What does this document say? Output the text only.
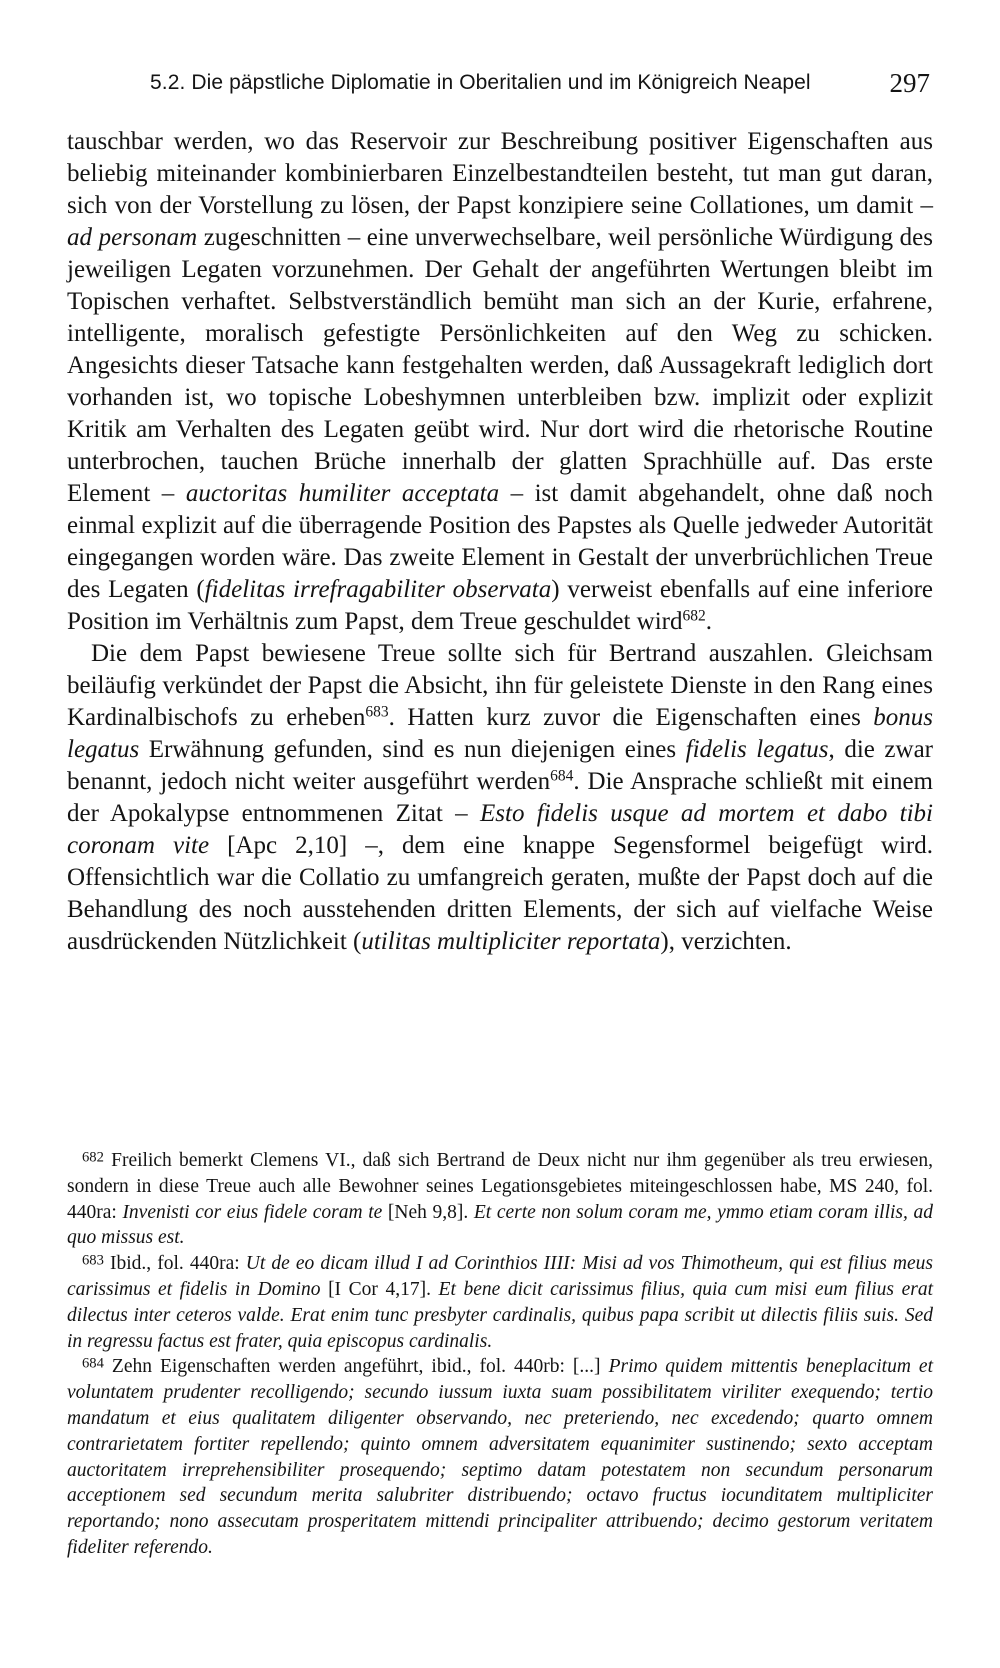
5.2. Die päpstliche Diplomatie in Oberitalien und im Königreich Neapel	297

tauschbar werden, wo das Reservoir zur Beschreibung positiver Eigenschaften aus beliebig miteinander kombinierbaren Einzelbestandteilen besteht, tut man gut daran, sich von der Vorstellung zu lösen, der Papst konzipiere seine Collationes, um damit – ad personam zugeschnitten – eine unverwechselbare, weil persönliche Würdigung des jeweiligen Legaten vorzunehmen. Der Gehalt der angeführten Wertungen bleibt im Topischen verhaftet. Selbstverständlich bemüht man sich an der Kurie, erfahrene, intelligente, moralisch gefestigte Persönlichkeiten auf den Weg zu schicken. Angesichts dieser Tatsache kann festgehalten werden, daß Aussagekraft lediglich dort vorhanden ist, wo topische Lobeshymnen unterbleiben bzw. implizit oder explizit Kritik am Verhalten des Legaten geübt wird. Nur dort wird die rhetorische Routine unterbrochen, tauchen Brüche innerhalb der glatten Sprachhülle auf. Das erste Element – auctoritas humiliter acceptata – ist damit abgehandelt, ohne daß noch einmal explizit auf die überragende Position des Papstes als Quelle jedweder Autorität eingegangen worden wäre. Das zweite Element in Gestalt der unverbrüchlichen Treue des Legaten (fidelitas irrefragabiliter observata) verweist ebenfalls auf eine inferiore Position im Verhältnis zum Papst, dem Treue geschuldet wird$^{682}$.

Die dem Papst bewiesene Treue sollte sich für Bertrand auszahlen. Gleichsam beiläufig verkündet der Papst die Absicht, ihn für geleistete Dienste in den Rang eines Kardinalbischofs zu erheben$^{683}$. Hatten kurz zuvor die Eigenschaften eines bonus legatus Erwähnung gefunden, sind es nun diejenigen eines fidelis legatus, die zwar benannt, jedoch nicht weiter ausgeführt werden$^{684}$. Die Ansprache schließt mit einem der Apokalypse entnommenen Zitat – Esto fidelis usque ad mortem et dabo tibi coronam vite [Apc 2,10] –, dem eine knappe Segensformel beigefügt wird. Offensichtlich war die Collatio zu umfangreich geraten, mußte der Papst doch auf die Behandlung des noch ausstehenden dritten Elements, der sich auf vielfache Weise ausdrückenden Nützlichkeit (utilitas multipliciter reportata), verzichten.

$^{682}$ Freilich bemerkt Clemens VI., daß sich Bertrand de Deux nicht nur ihm gegenüber als treu erwiesen, sondern in diese Treue auch alle Bewohner seines Legationsgebietes miteingeschlossen habe, MS 240, fol. 440ra: Invenisti cor eius fidele coram te [Neh 9,8]. Et certe non solum coram me, ymmo etiam coram illis, ad quo missus est.

$^{683}$ Ibid., fol. 440ra: Ut de eo dicam illud I ad Corinthios IIII: Misi ad vos Thimotheum, qui est filius meus carissimus et fidelis in Domino [I Cor 4,17]. Et bene dicit carissimus filius, quia cum misi eum filius erat dilectus inter ceteros valde. Erat enim tunc presbyter cardinalis, quibus papa scribit ut dilectis filiis suis. Sed in regressu factus est frater, quia episcopus cardinalis.

$^{684}$ Zehn Eigenschaften werden angeführt, ibid., fol. 440rb: [...] Primo quidem mittentis beneplacitum et voluntatem prudenter recolligendo; secundo iussum iuxta suam possibilitatem viriliter exequendo; tertio mandatum et eius qualitatem diligenter observando, nec preteriendo, nec excedendo; quarto omnem contrarietatem fortiter repellendo; quinto omnem adversitatem equanimiter sustinendo; sexto acceptam auctoritatem irreprehensibiliter prosequendo; septimo datam potestatem non secundum personarum acceptionem sed secundum merita salubriter distribuendo; octavo fructus iocunditatem multipliciter reportando; nono assecutam prosperitatem mittendi principaliter attribuendo; decimo gestorum veritatem fideliter referendo.
